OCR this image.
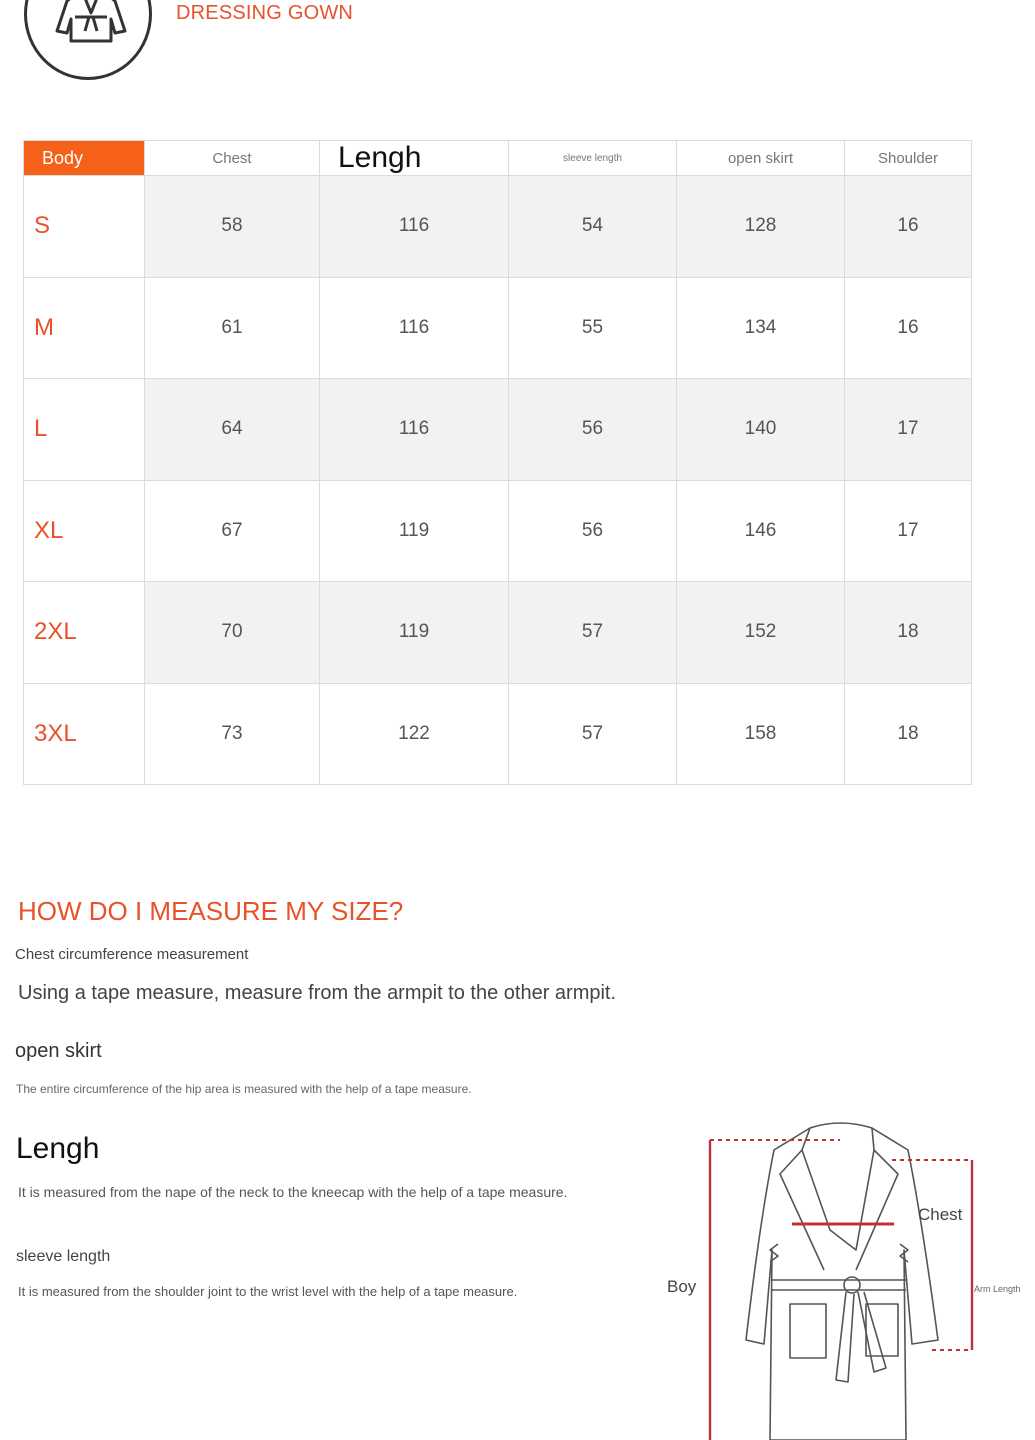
DRESSING GOWN
Body	Chest	Lengh	sleeve length	open skirt	Shoulder
S	58	116	54	128	16
M	61	116	55	134	16
L	64	116	56	140	17
XL	67	119	56	146	17
2XL	70	119	57	152	18
3XL	73	122	57	158	18
HOW DO I MEASURE MY SIZE?
Chest circumference measurement
Using a tape measure, measure from the armpit to the other armpit.
open skirt
The entire circumference of the hip area is measured with the help of a tape measure.
Lengh
It is measured from the nape of the neck to the kneecap with the help of a tape measure.
sleeve length
It is measured from the shoulder joint to the wrist level with the help of a tape measure.	Boy
Chest
Arm Length
